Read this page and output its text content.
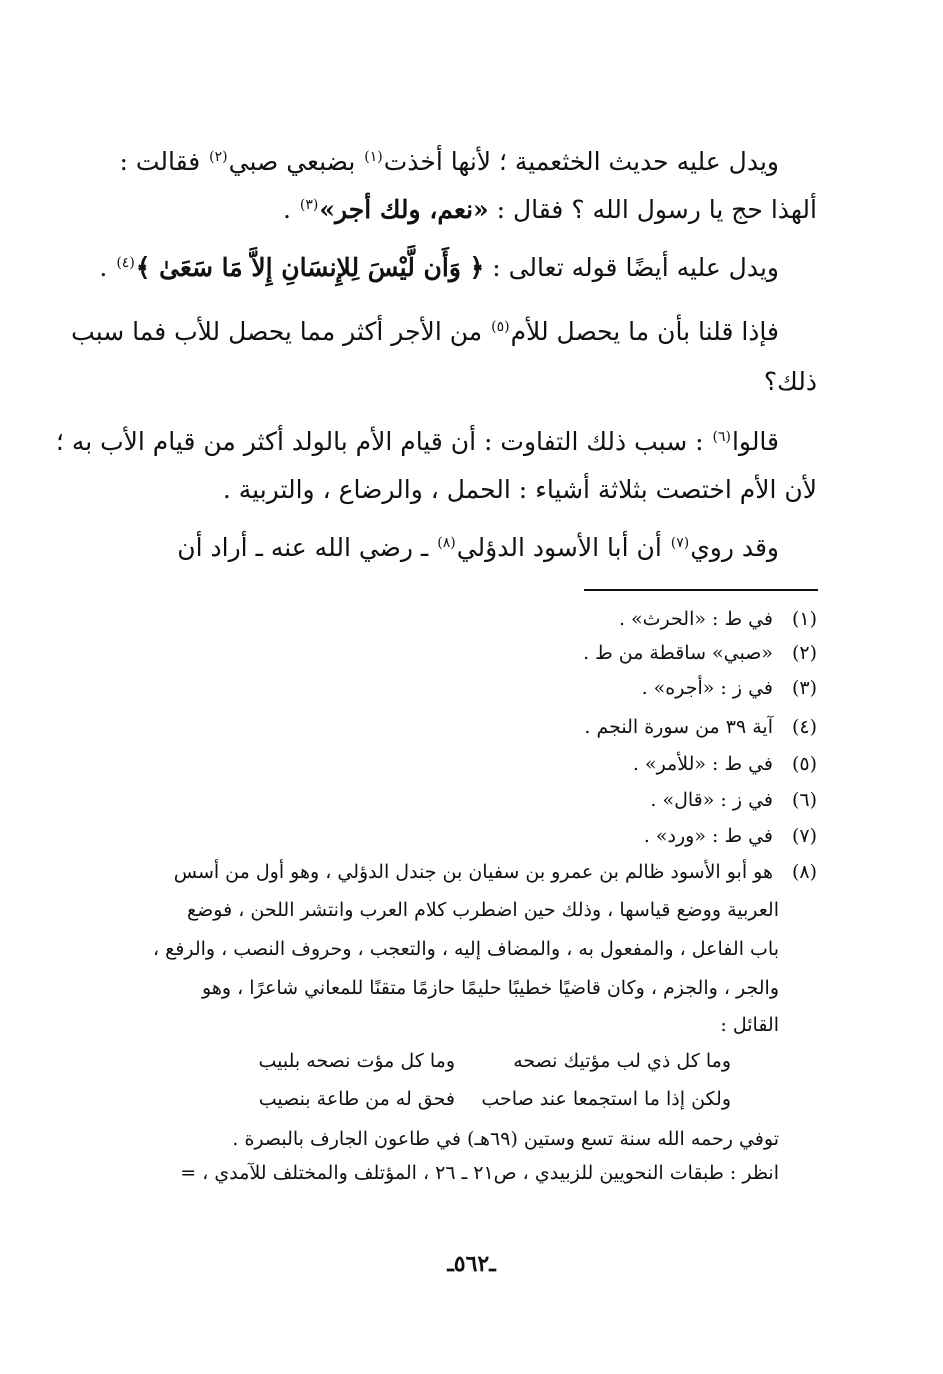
ويدل عليه حديث الخثعمية ؛ لأنها أخذت$^{(١)}$ بضبعي صبي$^{(٢)}$ فقالت :
ألهذا حج يا رسول الله ؟ فقال : «نعم، ولك أجر»$^{(٣)}$ .
ويدل عليه أيضًا قوله تعالى : ﴿ وَأَن لَّيْسَ لِلإِنسَانِ إِلاَّ مَا سَعَىٰ ﴾$^{(٤)}$ .
فإذا قلنا بأن ما يحصل للأم$^{(٥)}$ من الأجر أكثر مما يحصل للأب فما سبب
ذلك؟
قالوا$^{(٦)}$ : سبب ذلك التفاوت : أن قيام الأم بالولد أكثر من قيام الأب به ؛
لأن الأم اختصت بثلاثة أشياء : الحمل ، والرضاع ، والتربية .
وقد روي$^{(٧)}$ أن أبا الأسود الدؤلي$^{(٨)}$ ـ رضي الله عنه ـ أراد أن
(١)في ط : «الحرث» .
(٢)«صبي» ساقطة من ط .
(٣)في ز : «أجره» .
(٤)آية ٣٩ من سورة النجم .
(٥)في ط : «للأمر» .
(٦)في ز : «قال» .
(٧)في ط : «ورد» .
(٨)هو أبو الأسود ظالم بن عمرو بن سفيان بن جندل الدؤلي ، وهو أول من أسس
العربية ووضع قياسها ، وذلك حين اضطرب كلام العرب وانتشر اللحن ، فوضع
باب الفاعل ، والمفعول به ، والمضاف إليه ، والتعجب ، وحروف النصب ، والرفع ،
والجر ، والجزم ، وكان قاضيًا خطيبًا حليمًا حازمًا متقنًا للمعاني شاعرًا ، وهو
القائل :
وما كل ذي لب مؤتيك نصحه
وما كل مؤت نصحه بلبيب
ولكن إذا ما استجمعا عند صاحب
فحق له من طاعة بنصيب
توفي رحمه الله سنة تسع وستين (٦٩هـ) في طاعون الجارف بالبصرة .
انظر : طبقات النحويين للزبيدي ، ص٢١ ـ ٢٦ ، المؤتلف والمختلف للآمدي ، =
ـ٥٦٢ـ
